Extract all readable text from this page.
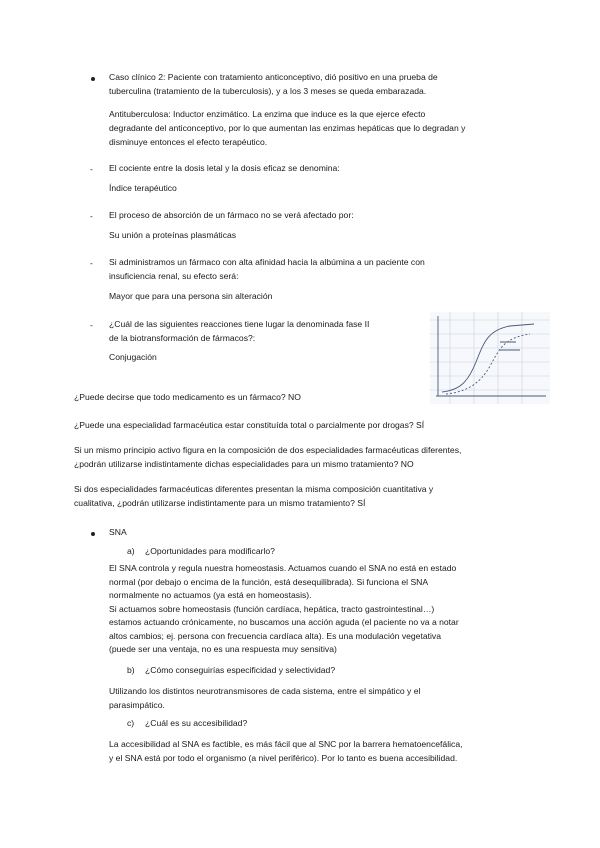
Caso clínico 2: Paciente con tratamiento anticonceptivo, dió positivo en una prueba de
tuberculina (tratamiento de la tuberculosis), y a los 3 meses se queda embarazada.
Antituberculosa: Inductor enzimático. La enzima que induce es la que ejerce efecto
degradante del anticonceptivo, por lo que aumentan las enzimas hepáticas que lo degradan y
disminuye entonces el efecto terapéutico.
- El cociente entre la dosis letal y la dosis eficaz se denomina:
Índice terapéutico
- El proceso de absorción de un fármaco no se verá afectado por:
Su unión a proteínas plasmáticas
- Si administramos un fármaco con alta afinidad hacia la albúmina a un paciente con
insuficiencia renal, su efecto será:
Mayor que para una persona sin alteración
- ¿Cuál de las siguientes reacciones tiene lugar la denominada fase II
de la biotransformación de fármacos?:
Conjugación
¿Puede decirse que todo medicamento es un fármaco? NO
¿Puede una especialidad farmacéutica estar constituída total o parcialmente por drogas? SÍ
Si un mismo principio activo figura en la composición de dos especialidades farmacéuticas diferentes,
¿podrán utilizarse indistintamente dichas especialidades para un mismo tratamiento? NO
Si dos especialidades farmacéuticas diferentes presentan la misma composición cuantitativa y
cualitativa, ¿podrán utilizarse indistintamente para un mismo tratamiento? SÍ
SNA
a) ¿Oportunidades para modificarlo?
El SNA controla y regula nuestra homeostasis. Actuamos cuando el SNA no está en estado
normal (por debajo o encima de la función, está desequilibrada). Si funciona el SNA
normalmente no actuamos (ya está en homeostasis).
Si actuamos sobre homeostasis (función cardíaca, hepática, tracto gastrointestinal…)
estamos actuando crónicamente, no buscamos una acción aguda (el paciente no va a notar
altos cambios; ej. persona con frecuencia cardíaca alta). Es una modulación vegetativa
(puede ser una ventaja, no es una respuesta muy sensitiva)
b) ¿Cómo conseguirías especificidad y selectividad?
Utilizando los distintos neurotransmisores de cada sistema, entre el simpático y el
parasimpático.
c) ¿Cuál es su accesibilidad?
La accesibilidad al SNA es factible, es más fácil que al SNC por la barrera hematoencefálica,
y el SNA está por todo el organismo (a nivel periférico). Por lo tanto es buena accesibilidad.
